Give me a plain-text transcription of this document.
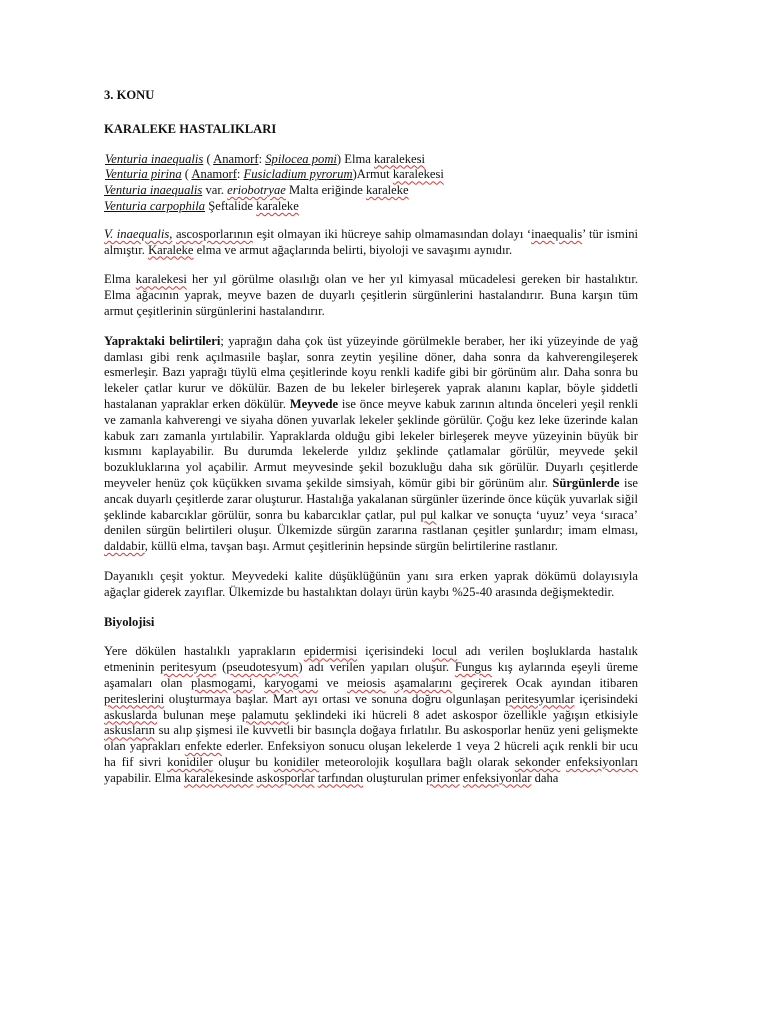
3. KONU

KARALEKE HASTALIKLARI

Venturia inaequalis ( Anamorf: Spilocea pomi) Elma karalekesi

Venturia pirina ( Anamorf: Fusicladium pyrorum)Armut karalekesi

Venturia inaequalis var. eriobotryae Malta eriğinde karaleke

Venturia carpophila Şeftalide karaleke

V. inaequalis, ascosporlarının eşit olmayan iki hücreye sahip olmamasından dolayı ‘inaequalis’ tür ismini almıştır. Karaleke elma ve armut ağaçlarında belirti, biyoloji ve savaşımı aynıdır.

Elma karalekesi her yıl görülme olasılığı olan ve her yıl kimyasal mücadelesi gereken bir hastalıktır. Elma ağacının yaprak, meyve bazen de duyarlı çeşitlerin sürgünlerini hastalandırır. Buna karşın tüm armut çeşitlerinin sürgünlerini hastalandırır.

Yapraktaki belirtileri; yaprağın daha çok üst yüzeyinde görülmekle beraber, her iki yüzeyinde de yağ damlası gibi renk açılmasıile başlar, sonra zeytin yeşiline döner, daha sonra da kahverengileşerek esmerleşir. Bazı yaprağı tüylü elma çeşitlerinde koyu renkli kadife gibi bir görünüm alır. Daha sonra bu lekeler çatlar kurur ve dökülür. Bazen de bu lekeler birleşerek yaprak alanını kaplar, böyle şiddetli hastalanan yapraklar erken dökülür. Meyvede ise önce meyve kabuk zarının altında önceleri yeşil renkli ve zamanla kahverengi ve siyaha dönen yuvarlak lekeler şeklinde görülür. Çoğu kez leke üzerinde kalan kabuk zarı zamanla yırtılabilir. Yapraklarda olduğu gibi lekeler birleşerek meyve yüzeyinin büyük bir kısmını kaplayabilir. Bu durumda lekelerde yıldız şeklinde çatlamalar görülür, meyvede şekil bozukluklarına yol açabilir. Armut meyvesinde şekil bozukluğu daha sık görülür. Duyarlı çeşitlerde meyveler henüz çok küçükken sıvama şekilde simsiyah, kömür gibi bir görünüm alır. Sürgünlerde ise ancak duyarlı çeşitlerde zarar oluşturur. Hastalığa yakalanan sürgünler üzerinde önce küçük yuvarlak siğil şeklinde kabarcıklar görülür, sonra bu kabarcıklar çatlar, pul pul kalkar ve sonuçta ‘uyuz’ veya ‘sıraca’ denilen sürgün belirtileri oluşur. Ülkemizde sürgün zararına rastlanan çeşitler şunlardır; imam elması, daldabir, küllü elma, tavşan başı. Armut çeşitlerinin hepsinde sürgün belirtilerine rastlanır.

Dayanıklı çeşit yoktur. Meyvedeki kalite düşüklüğünün yanı sıra erken yaprak dökümü dolayısıyla ağaçlar giderek zayıflar. Ülkemizde bu hastalıktan dolayı ürün kaybı %25-40 arasında değişmektedir.

Biyolojisi

Yere dökülen hastalıklı yaprakların epidermisi içerisindeki locul adı verilen boşluklarda hastalık etmeninin peritesyum (pseudotesyum) adı verilen yapıları oluşur. Fungus kış aylarında eşeyli üreme aşamaları olan plasmogami, karyogami ve meiosis aşamalarını geçirerek Ocak ayından itibaren periteslerini oluşturmaya başlar. Mart ayı ortası ve sonuna doğru olgunlaşan peritesyumlar içerisindeki askuslarda bulunan meşe palamutu şeklindeki iki hücreli 8 adet askospor özellikle yağışın etkisiyle askusların su alıp şişmesi ile kuvvetli bir basınçla doğaya fırlatılır. Bu askosporlar henüz yeni gelişmekte olan yaprakları enfekte ederler. Enfeksiyon sonucu oluşan lekelerde 1 veya 2 hücreli açık renkli bir ucu ha fif sivri konidiler oluşur bu konidiler meteorolojik koşullara bağlı olarak sekonder enfeksiyonları yapabilir. Elma karalekesinde askosporlar tarfından oluşturulan primer enfeksiyonlar daha
